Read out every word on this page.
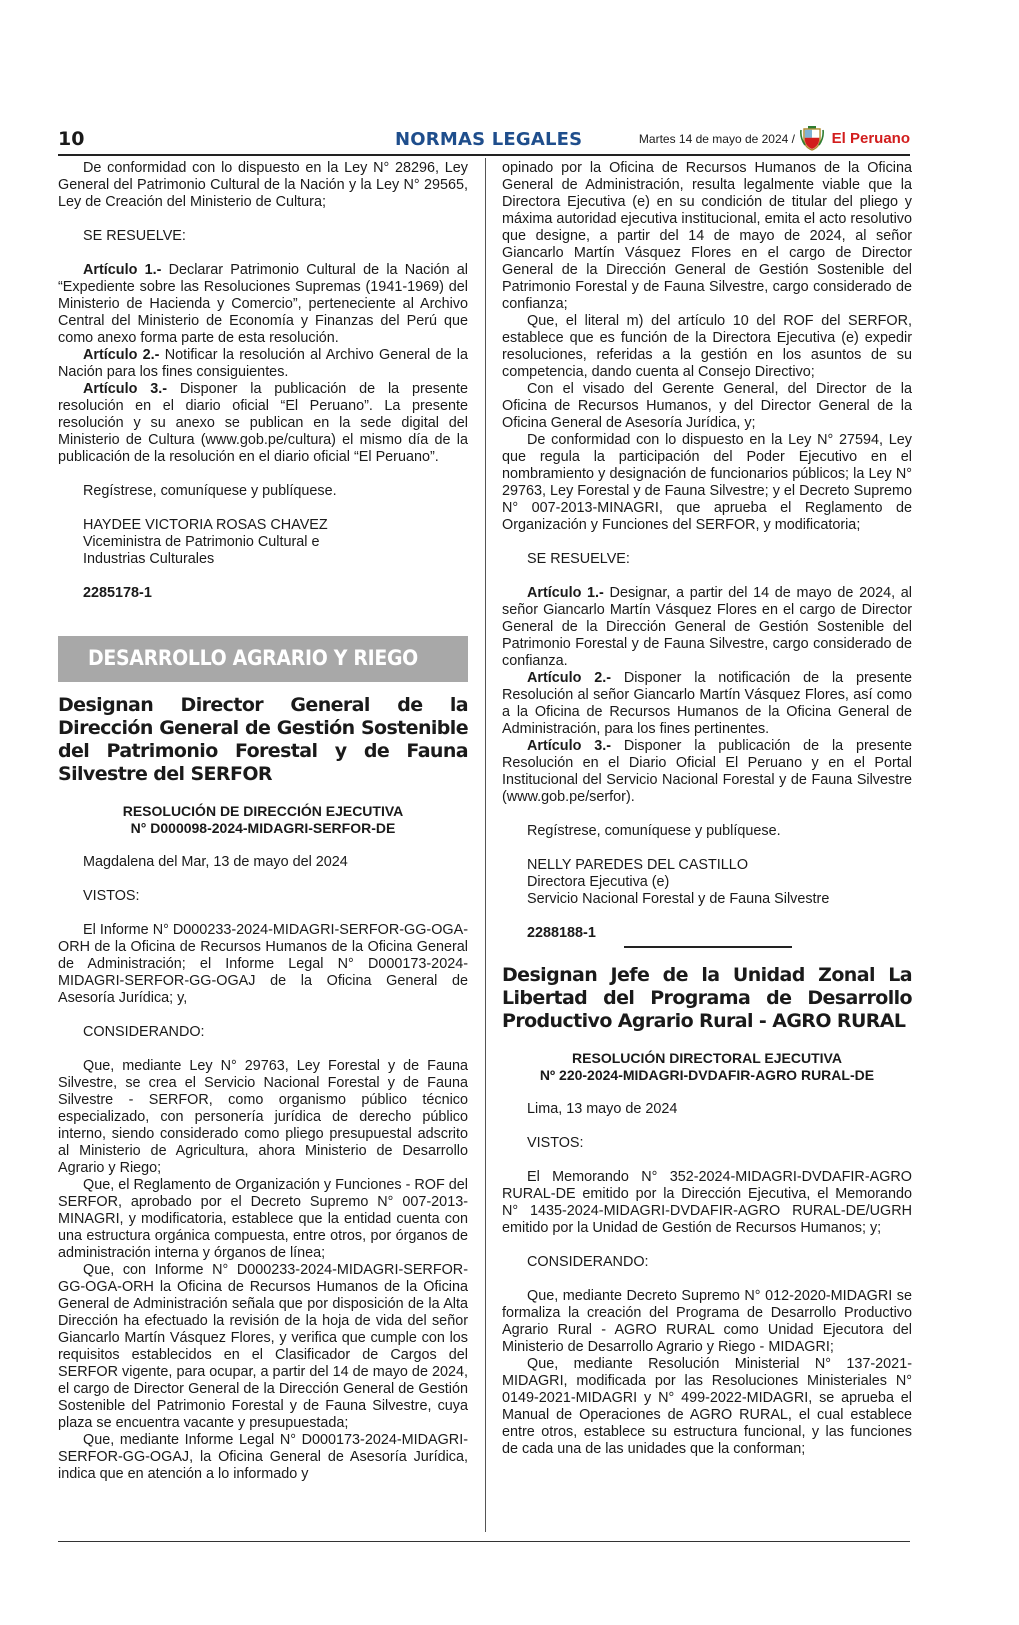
10	NORMAS LEGALES	Martes 14 de mayo de 2024 / El Peruano

De conformidad con lo dispuesto en la Ley N° 28296, Ley General del Patrimonio Cultural de la Nación y la Ley N° 29565, Ley de Creación del Ministerio de Cultura;

SE RESUELVE:

Artículo 1.- Declarar Patrimonio Cultural de la Nación al “Expediente sobre las Resoluciones Supremas (1941-1969) del Ministerio de Hacienda y Comercio”, perteneciente al Archivo Central del Ministerio de Economía y Finanzas del Perú que como anexo forma parte de esta resolución.

Artículo 2.- Notificar la resolución al Archivo General de la Nación para los fines consiguientes.

Artículo 3.- Disponer la publicación de la presente resolución en el diario oficial “El Peruano”. La presente resolución y su anexo se publican en la sede digital del Ministerio de Cultura (www.gob.pe/cultura) el mismo día de la publicación de la resolución en el diario oficial “El Peruano”.

Regístrese, comuníquese y publíquese.

HAYDEE VICTORIA ROSAS CHAVEZ

Viceministra de Patrimonio Cultural e

Industrias Culturales

2285178-1

DESARROLLO AGRARIO Y RIEGO

Designan Director General de la Dirección General de Gestión Sostenible del Patrimonio Forestal y de Fauna Silvestre del SERFOR

RESOLUCIÓN DE DIRECCIÓN EJECUTIVA

N° D000098-2024-MIDAGRI-SERFOR-DE

Magdalena del Mar, 13 de mayo del 2024

VISTOS:

El Informe N° D000233-2024-MIDAGRI-SERFOR-GG-OGA-ORH de la Oficina de Recursos Humanos de la Oficina General de Administración; el Informe Legal N° D000173-2024- MIDAGRI-SERFOR-GG-OGAJ de la Oficina General de Asesoría Jurídica; y,

CONSIDERANDO:

Que, mediante Ley N° 29763, Ley Forestal y de Fauna Silvestre, se crea el Servicio Nacional Forestal y de Fauna Silvestre - SERFOR, como organismo público técnico especializado, con personería jurídica de derecho público interno, siendo considerado como pliego presupuestal adscrito al Ministerio de Agricultura, ahora Ministerio de Desarrollo Agrario y Riego;

Que, el Reglamento de Organización y Funciones - ROF del SERFOR, aprobado por el Decreto Supremo N° 007-2013-MINAGRI, y modificatoria, establece que la entidad cuenta con una estructura orgánica compuesta, entre otros, por órganos de administración interna y órganos de línea;

Que, con Informe N° D000233-2024-MIDAGRI-SERFOR-GG-OGA-ORH la Oficina de Recursos Humanos de la Oficina General de Administración señala que por disposición de la Alta Dirección ha efectuado la revisión de la hoja de vida del señor Giancarlo Martín Vásquez Flores, y verifica que cumple con los requisitos establecidos en el Clasificador de Cargos del SERFOR vigente, para ocupar, a partir del 14 de mayo de 2024, el cargo de Director General de la Dirección General de Gestión Sostenible del Patrimonio Forestal y de Fauna Silvestre, cuya plaza se encuentra vacante y presupuestada;

Que, mediante Informe Legal N° D000173-2024-MIDAGRI-SERFOR-GG-OGAJ, la Oficina General de Asesoría Jurídica, indica que en atención a lo informado y

opinado por la Oficina de Recursos Humanos de la Oficina General de Administración, resulta legalmente viable que la Directora Ejecutiva (e) en su condición de titular del pliego y máxima autoridad ejecutiva institucional, emita el acto resolutivo que designe, a partir del 14 de mayo de 2024, al señor Giancarlo Martín Vásquez Flores en el cargo de Director General de la Dirección General de Gestión Sostenible del Patrimonio Forestal y de Fauna Silvestre, cargo considerado de confianza;

Que, el literal m) del artículo 10 del ROF del SERFOR, establece que es función de la Directora Ejecutiva (e) expedir resoluciones, referidas a la gestión en los asuntos de su competencia, dando cuenta al Consejo Directivo;

Con el visado del Gerente General, del Director de la Oficina de Recursos Humanos, y del Director General de la Oficina General de Asesoría Jurídica, y;

De conformidad con lo dispuesto en la Ley N° 27594, Ley que regula la participación del Poder Ejecutivo en el nombramiento y designación de funcionarios públicos; la Ley N° 29763, Ley Forestal y de Fauna Silvestre; y el Decreto Supremo N° 007-2013-MINAGRI, que aprueba el Reglamento de Organización y Funciones del SERFOR, y modificatoria;

SE RESUELVE:

Artículo 1.- Designar, a partir del 14 de mayo de 2024, al señor Giancarlo Martín Vásquez Flores en el cargo de Director General de la Dirección General de Gestión Sostenible del Patrimonio Forestal y de Fauna Silvestre, cargo considerado de confianza.

Artículo 2.- Disponer la notificación de la presente Resolución al señor Giancarlo Martín Vásquez Flores, así como a la Oficina de Recursos Humanos de la Oficina General de Administración, para los fines pertinentes.

Artículo 3.- Disponer la publicación de la presente Resolución en el Diario Oficial El Peruano y en el Portal Institucional del Servicio Nacional Forestal y de Fauna Silvestre (www.gob.pe/serfor).

Regístrese, comuníquese y publíquese.

NELLY PAREDES DEL CASTILLO

Directora Ejecutiva (e)

Servicio Nacional Forestal y de Fauna Silvestre

2288188-1

Designan Jefe de la Unidad Zonal La Libertad del Programa de Desarrollo Productivo Agrario Rural - AGRO RURAL

RESOLUCIÓN DIRECTORAL EJECUTIVA

Nº 220-2024-MIDAGRI-DVDAFIR-AGRO RURAL-DE

Lima, 13 mayo de 2024

VISTOS:

El Memorando N° 352-2024-MIDAGRI-DVDAFIR-AGRO RURAL-DE emitido por la Dirección Ejecutiva, el Memorando N° 1435-2024-MIDAGRI-DVDAFIR-AGRO RURAL-DE/UGRH emitido por la Unidad de Gestión de Recursos Humanos; y;

CONSIDERANDO:

Que, mediante Decreto Supremo N° 012-2020-MIDAGRI se formaliza la creación del Programa de Desarrollo Productivo Agrario Rural - AGRO RURAL como Unidad Ejecutora del Ministerio de Desarrollo Agrario y Riego - MIDAGRI;

Que, mediante Resolución Ministerial N° 137-2021-MIDAGRI, modificada por las Resoluciones Ministeriales N° 0149-2021-MIDAGRI y N° 499-2022-MIDAGRI, se aprueba el Manual de Operaciones de AGRO RURAL, el cual establece entre otros, establece su estructura funcional, y las funciones de cada una de las unidades que la conforman;
